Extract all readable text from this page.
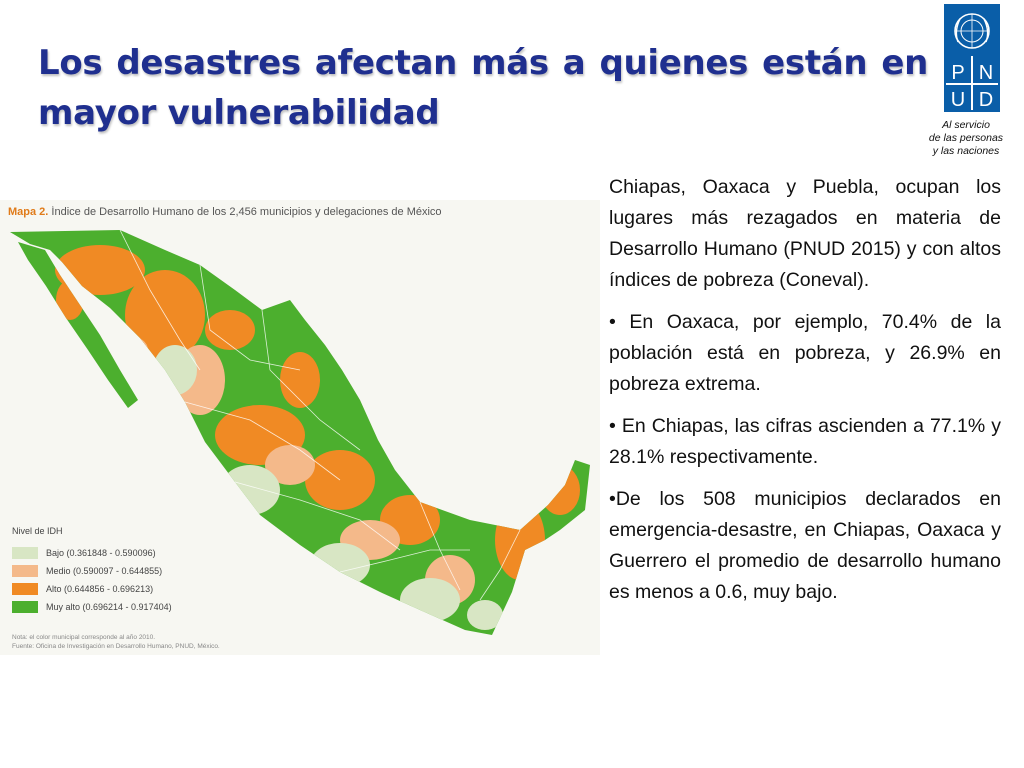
Los desastres afectan más a quienes están en mayor vulnerabilidad
P N
U D
Al servicio
de las personas
y las naciones
Mapa 2. Índice de Desarrollo Humano de los 2,456 municipios y delegaciones de México
Nivel de IDH
Bajo (0.361848 - 0.590096)
Medio (0.590097 - 0.644855)
Alto (0.644856 - 0.696213)
Muy alto (0.696214 - 0.917404)
Nota: el color municipal corresponde al año 2010.
Fuente: Oficina de Investigación en Desarrollo Humano, PNUD, México.

Chiapas, Oaxaca y Puebla, ocupan los lugares más rezagados en materia de Desarrollo Humano (PNUD 2015) y con altos índices de pobreza (Coneval).

• En Oaxaca, por ejemplo, 70.4% de la población está en pobreza, y 26.9% en pobreza extrema.

• En Chiapas, las cifras ascienden a 77.1% y 28.1% respectivamente.

•De los 508 municipios declarados en emergencia-desastre, en Chiapas, Oaxaca y Guerrero el promedio de desarrollo humano es menos a 0.6, muy bajo.
